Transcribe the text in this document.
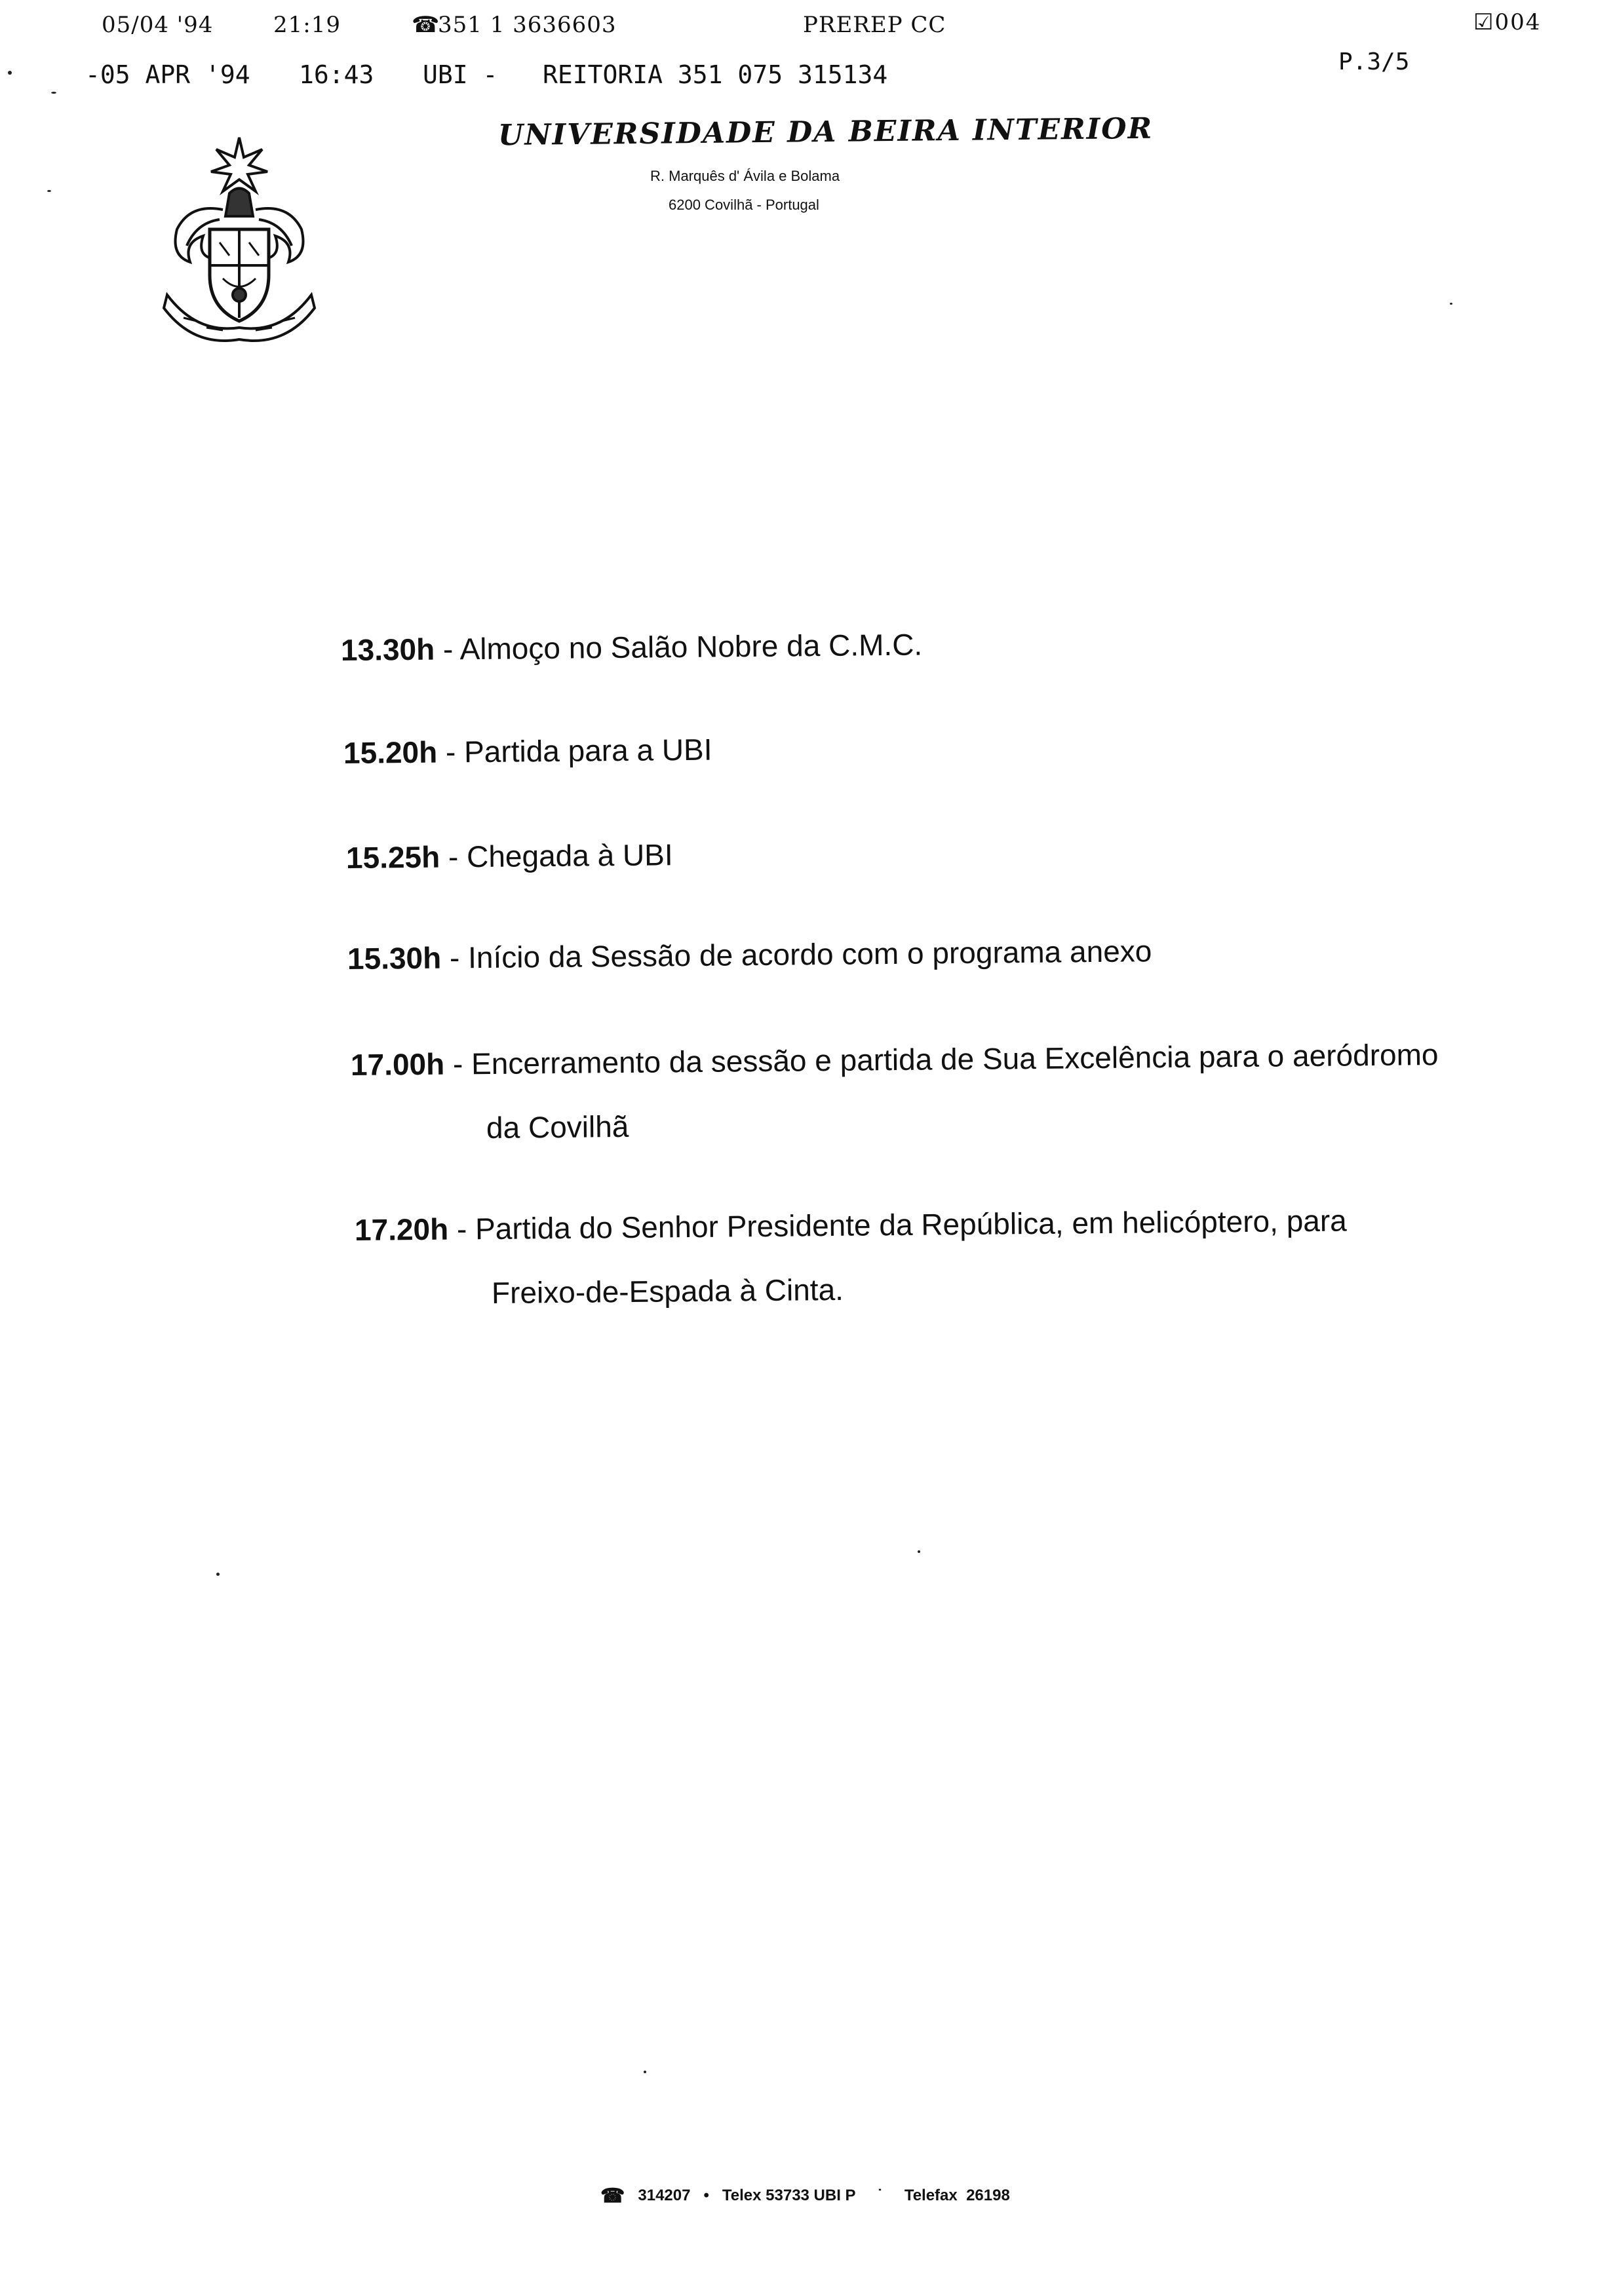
05/04 '94

	21:19

	☎

351 1 3636603

	PREREP CC	☑004

-05 APR '94

16:43

UBI -   REITORIA 351 075 315134	P.3/5
UNIVERSIDADE DA BEIRA INTERIOR
R. Marquês d' Ávila e Bolama
6200 Covilhã - Portugal
13.30h - Almoço no Salão Nobre da C.M.C.
15.20h - Partida para a UBI
15.25h - Chegada à UBI
15.30h - Início da Sessão de acordo com o programa anexo
17.00h - Encerramento da sessão e partida de Sua Excelência para o aeródromo
da Covilhã
17.20h - Partida do Senhor Presidente da República, em helicóptero, para
Freixo-de-Espada à Cinta.
☎ 314207   •   Telex 53733 UBI P     ˙     Telefax  26198
